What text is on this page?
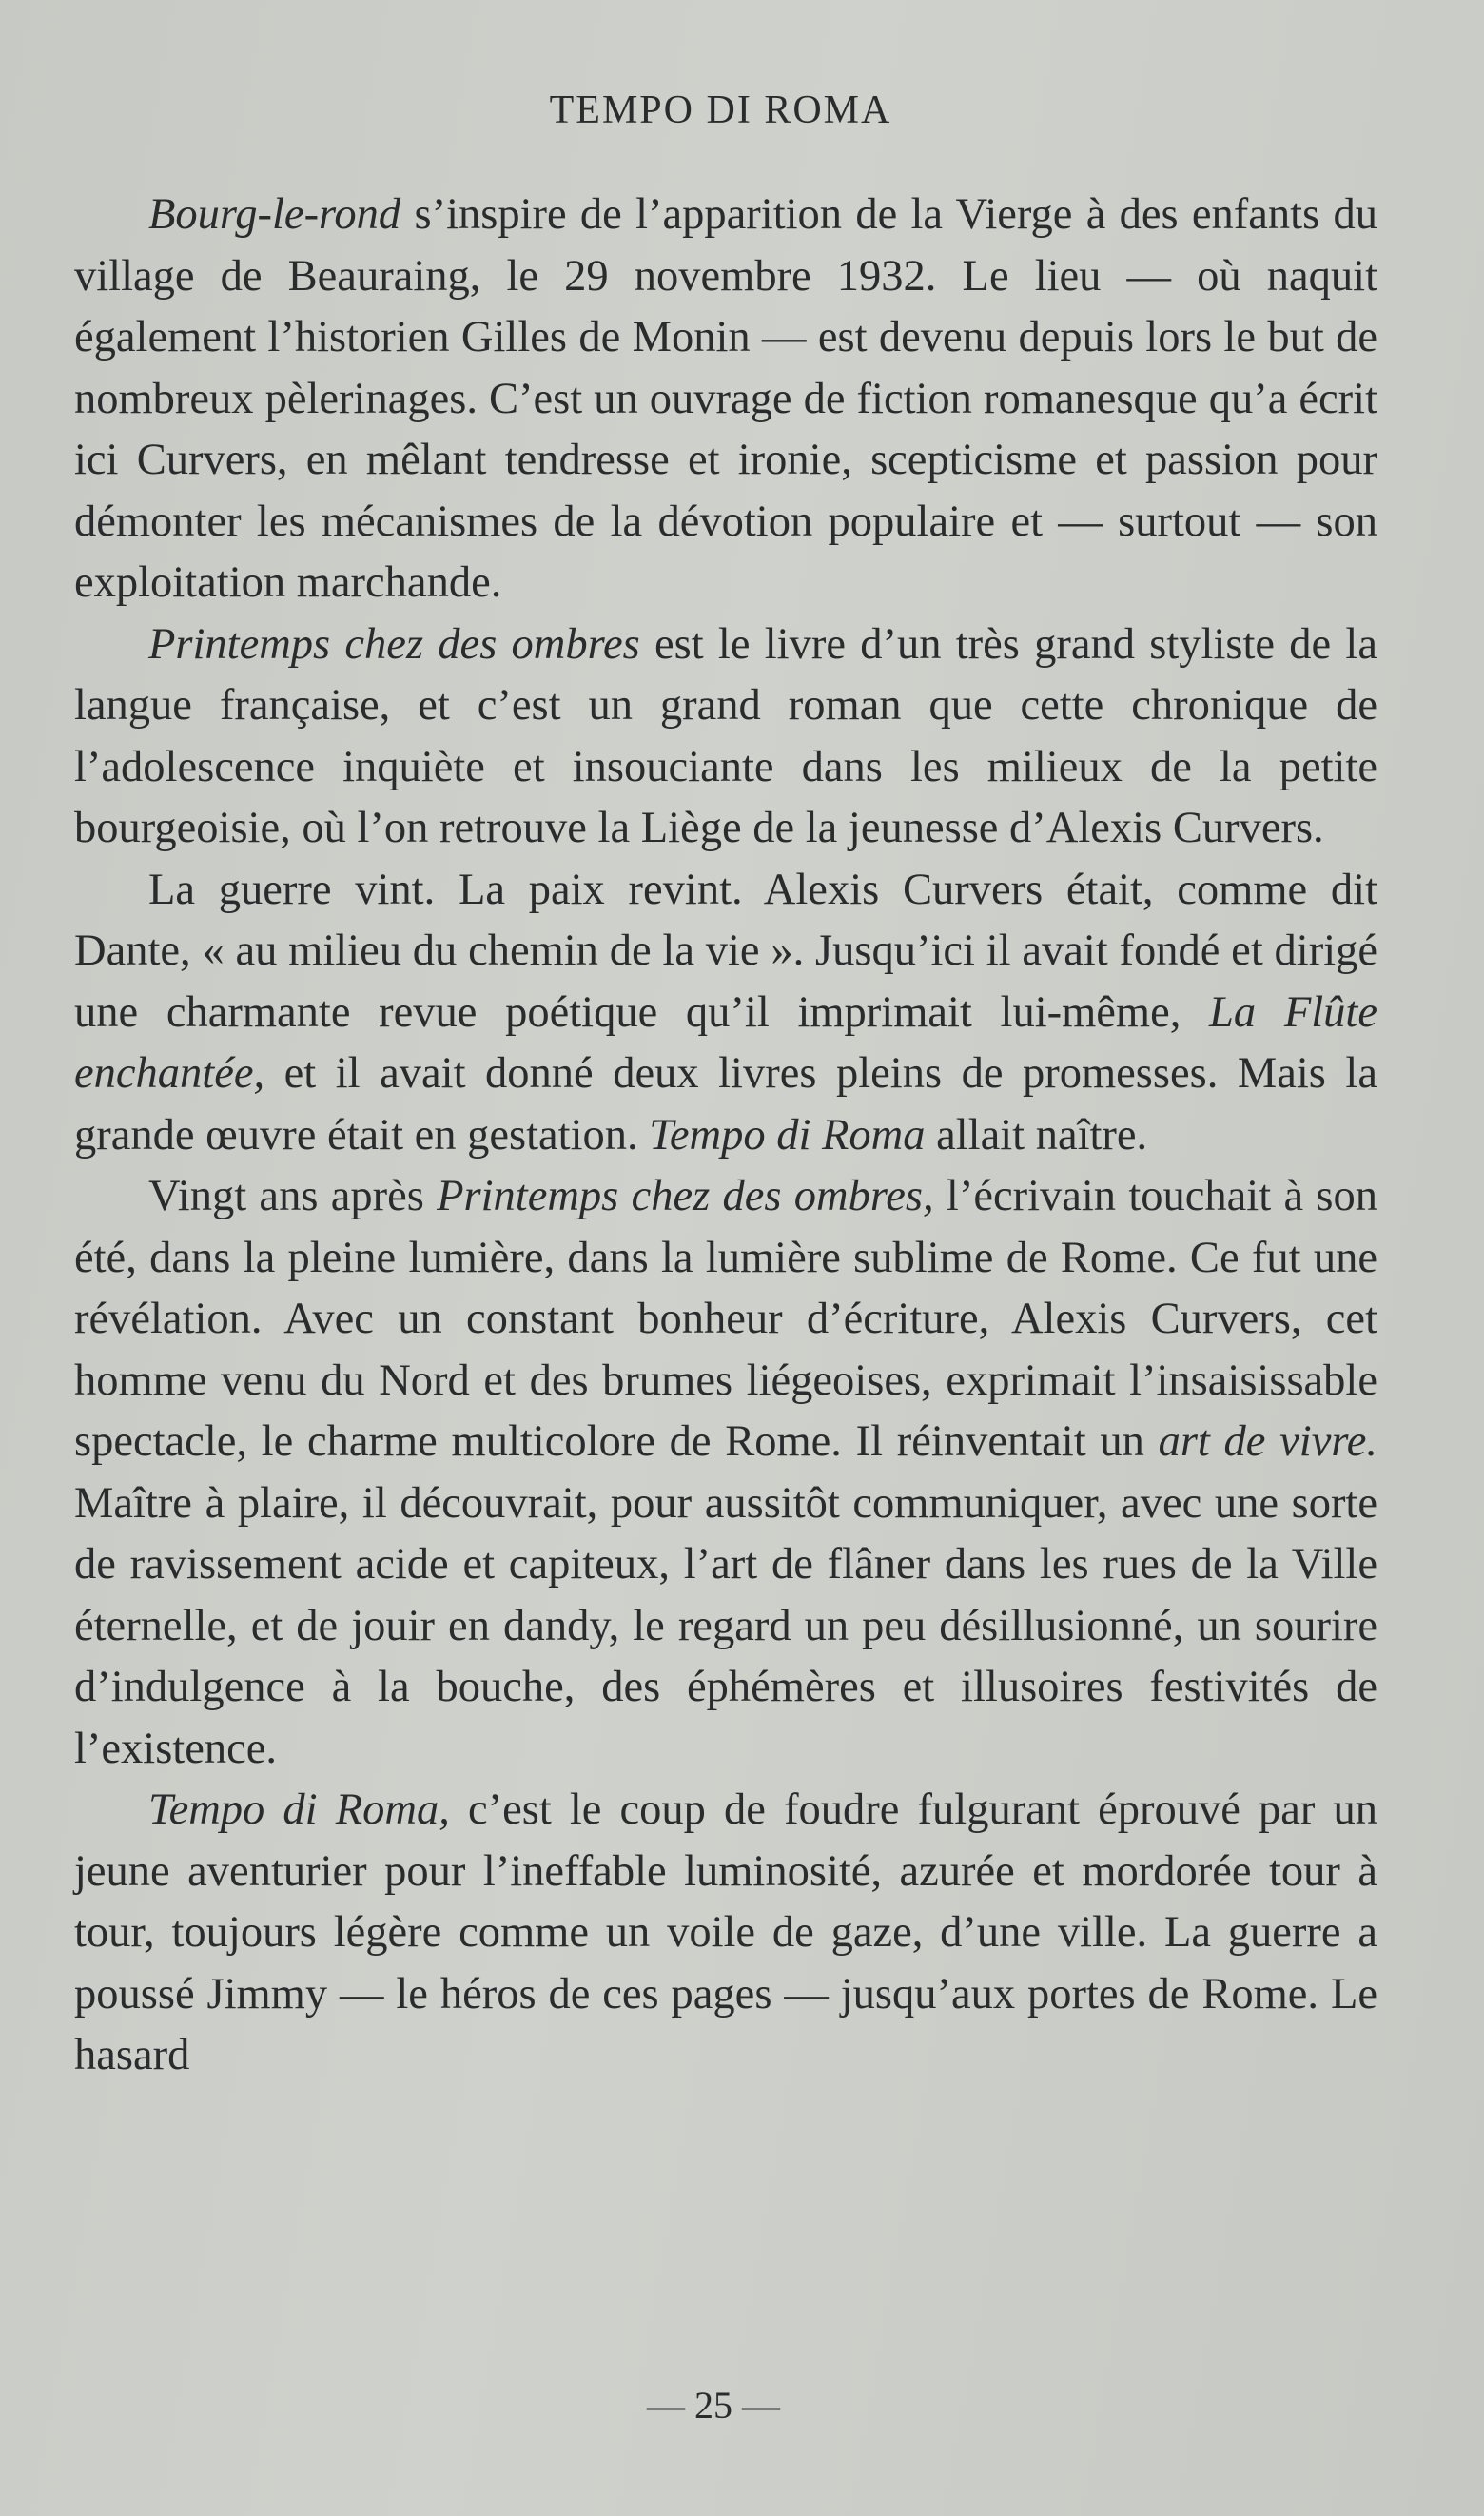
TEMPO DI ROMA

Bourg-le-rond s’inspire de l’apparition de la Vierge à des enfants du village de Beauraing, le 29 novembre 1932. Le lieu — où naquit également l’historien Gilles de Monin — est devenu depuis lors le but de nombreux pèlerinages. C’est un ouvrage de fiction romanesque qu’a écrit ici Curvers, en mêlant tendresse et ironie, scepticisme et passion pour démonter les mécanismes de la dévotion populaire et — surtout — son exploitation marchande.

Printemps chez des ombres est le livre d’un très grand styliste de la langue française, et c’est un grand roman que cette chronique de l’adolescence inquiète et insouciante dans les milieux de la petite bourgeoisie, où l’on retrouve la Liège de la jeunesse d’Alexis Curvers.

La guerre vint. La paix revint. Alexis Curvers était, comme dit Dante, « au milieu du chemin de la vie ». Jusqu’ici il avait fondé et dirigé une charmante revue poétique qu’il imprimait lui-même, La Flûte enchantée, et il avait donné deux livres pleins de promesses. Mais la grande œuvre était en gestation. Tempo di Roma allait naître.

Vingt ans après Printemps chez des ombres, l’écrivain touchait à son été, dans la pleine lumière, dans la lumière sublime de Rome. Ce fut une révélation. Avec un constant bonheur d’écriture, Alexis Curvers, cet homme venu du Nord et des brumes liégeoises, exprimait l’insaisissable spectacle, le charme multicolore de Rome. Il réinventait un art de vivre. Maître à plaire, il découvrait, pour aussitôt communiquer, avec une sorte de ravissement acide et capiteux, l’art de flâner dans les rues de la Ville éternelle, et de jouir en dandy, le regard un peu désillusionné, un sourire d’indulgence à la bouche, des éphémères et illusoires festivités de l’existence.

Tempo di Roma, c’est le coup de foudre fulgurant éprouvé par un jeune aventurier pour l’ineffable luminosité, azurée et mordorée tour à tour, toujours légère comme un voile de gaze, d’une ville. La guerre a poussé Jimmy — le héros de ces pages — jusqu’aux portes de Rome. Le hasard

— 25 —
